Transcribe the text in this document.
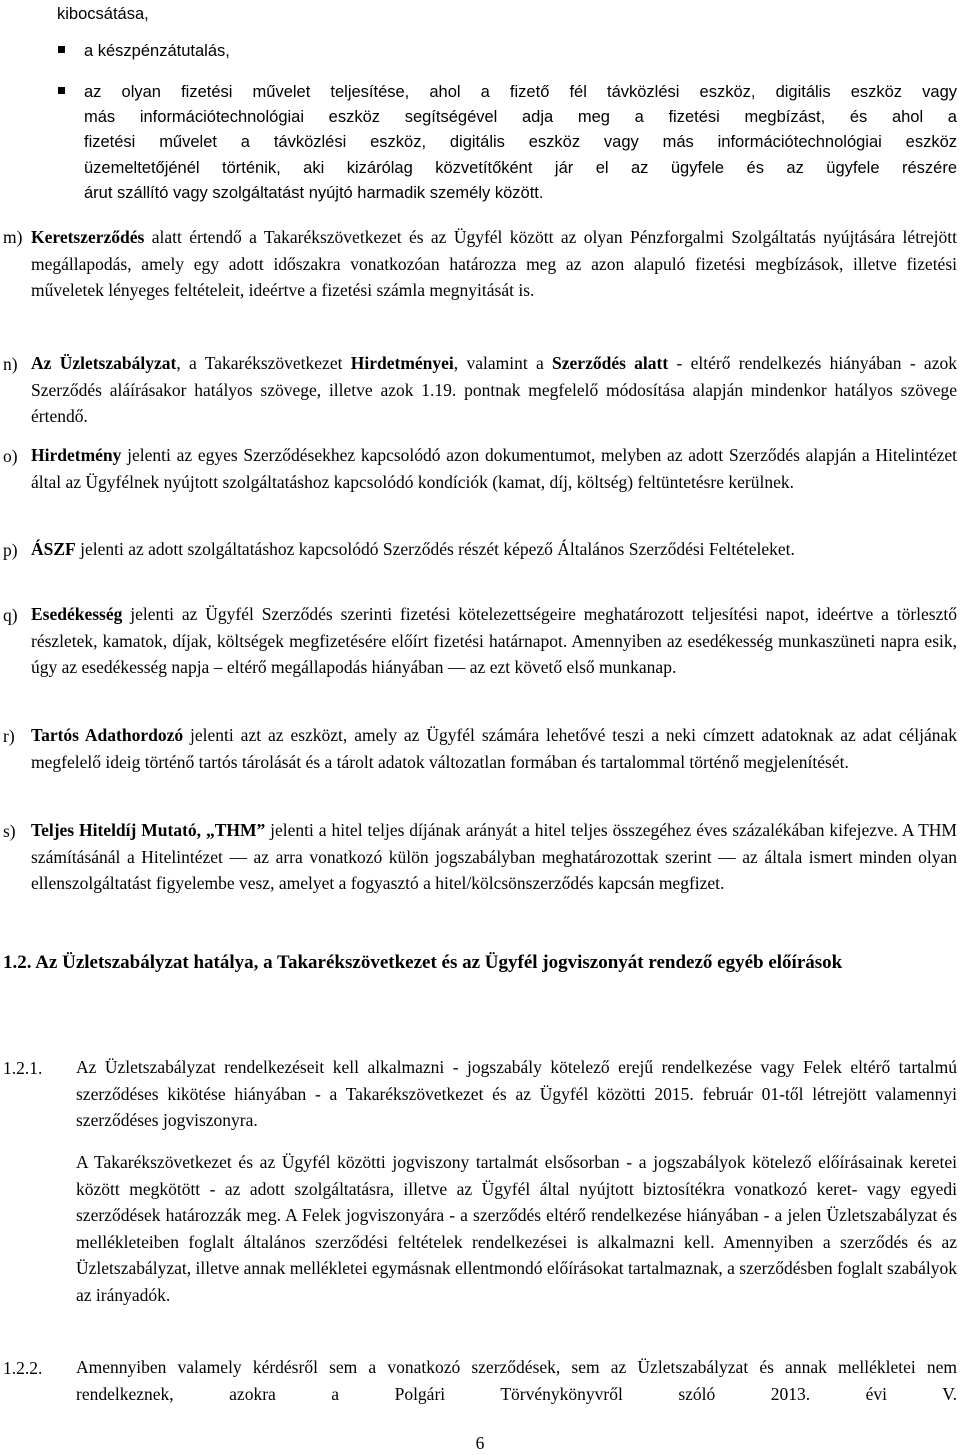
kibocsátása,
a készpénzátutalás,
az olyan fizetési művelet teljesítése, ahol a fizető fél távközlési eszköz, digitális eszköz vagy
más információtechnológiai eszköz segítségével adja meg a fizetési megbízást, és ahol a
fizetési művelet a távközlési eszköz, digitális eszköz vagy más információtechnológiai eszköz
üzemeltetőjénél történik, aki kizárólag közvetítőként jár el az ügyfele és az ügyfele részére
árut szállító vagy szolgáltatást nyújtó harmadik személy között.
m) Keretszerződés alatt értendő a Takarékszövetkezet és az Ügyfél között az olyan Pénzforgalmi Szolgáltatás nyújtására létrejött megállapodás, amely egy adott időszakra vonatkozóan határozza meg az azon alapuló fizetési megbízások, illetve fizetési műveletek lényeges feltételeit, ideértve a fizetési számla megnyitását is.
n) Az Üzletszabályzat, a Takarékszövetkezet Hirdetményei, valamint a Szerződés alatt - eltérő rendelkezés hiányában - azok Szerződés aláírásakor hatályos szövege, illetve azok 1.19. pontnak megfelelő módosítása alapján mindenkor hatályos szövege értendő.
o) Hirdetmény jelenti az egyes Szerződésekhez kapcsolódó azon dokumentumot, melyben az adott Szerződés alapján a Hitelintézet által az Ügyfélnek nyújtott szolgáltatáshoz kapcsolódó kondíciók (kamat, díj, költség) feltüntetésre kerülnek.
p) ÁSZF jelenti az adott szolgáltatáshoz kapcsolódó Szerződés részét képező Általános Szerződési Feltételeket.
q) Esedékesség jelenti az Ügyfél Szerződés szerinti fizetési kötelezettségeire meghatározott teljesítési napot, ideértve a törlesztő részletek, kamatok, díjak, költségek megfizetésére előírt fizetési határnapot. Amennyiben az esedékesség munkaszüneti napra esik, úgy az esedékesség napja – eltérő megállapodás hiányában — az ezt követő első munkanap.
r) Tartós Adathordozó jelenti azt az eszközt, amely az Ügyfél számára lehetővé teszi a neki címzett adatoknak az adat céljának megfelelő ideig történő tartós tárolását és a tárolt adatok változatlan formában és tartalommal történő megjelenítését.
s) Teljes Hiteldíj Mutató, „THM” jelenti a hitel teljes díjának arányát a hitel teljes összegéhez éves százalékában kifejezve. A THM számításánál a Hitelintézet — az arra vonatkozó külön jogszabályban meghatározottak szerint — az általa ismert minden olyan ellenszolgáltatást figyelembe vesz, amelyet a fogyasztó a hitel/kölcsönszerződés kapcsán megfizet.
1.2. Az Üzletszabályzat hatálya, a Takarékszövetkezet és az Ügyfél jogviszonyát rendező egyéb előírások
1.2.1. Az Üzletszabályzat rendelkezéseit kell alkalmazni - jogszabály kötelező erejű rendelkezése vagy Felek eltérő tartalmú szerződéses kikötése hiányában - a Takarékszövetkezet és az Ügyfél közötti 2015. február 01-től létrejött valamennyi szerződéses jogviszonyra.
A Takarékszövetkezet és az Ügyfél közötti jogviszony tartalmát elsősorban - a jogszabályok kötelező előírásainak keretei között megkötött - az adott szolgáltatásra, illetve az Ügyfél által nyújtott biztosítékra vonatkozó keret- vagy egyedi szerződések határozzák meg. A Felek jogviszonyára - a szerződés eltérő rendelkezése hiányában - a jelen Üzletszabályzat és mellékleteiben foglalt általános szerződési feltételek rendelkezései is alkalmazni kell. Amennyiben a szerződés és az Üzletszabályzat, illetve annak mellékletei egymásnak ellentmondó előírásokat tartalmaznak, a szerződésben foglalt szabályok az irányadók.
1.2.2. Amennyiben valamely kérdésről sem a vonatkozó szerződések, sem az Üzletszabályzat és annak mellékletei nem rendelkeznek, azokra a Polgári Törvénykönyvről szóló 2013. évi V.
6
